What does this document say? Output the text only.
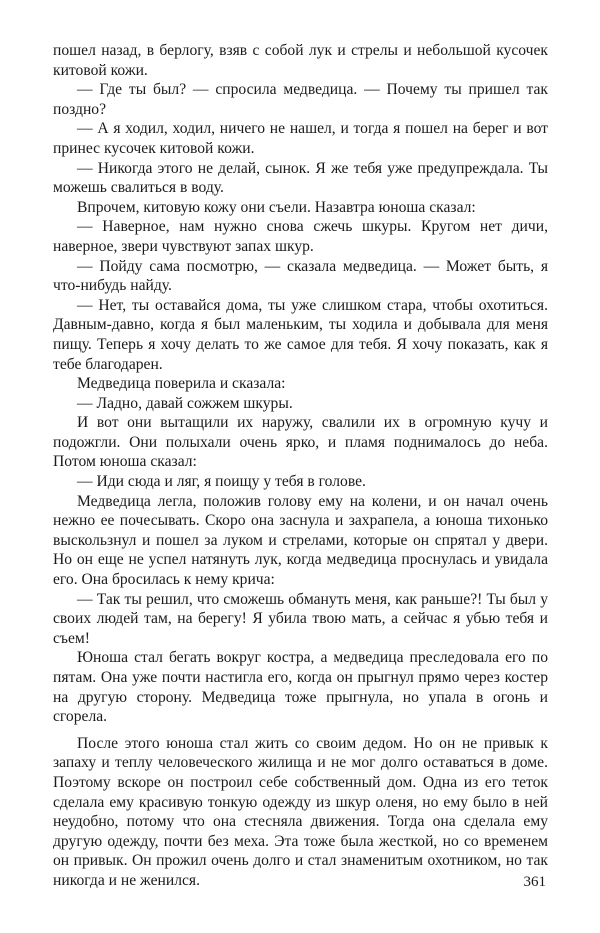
пошел назад, в берлогу, взяв с собой лук и стрелы и небольшой кусочек китовой кожи.

— Где ты был? — спросила медведица. — Почему ты пришел так поздно?

— А я ходил, ходил, ничего не нашел, и тогда я пошел на берег и вот принес кусочек китовой кожи.

— Никогда этого не делай, сынок. Я же тебя уже предупреждала. Ты можешь свалиться в воду.

Впрочем, китовую кожу они съели. Назавтра юноша сказал:

— Наверное, нам нужно снова сжечь шкуры. Кругом нет дичи, наверное, звери чувствуют запах шкур.

— Пойду сама посмотрю, — сказала медведица. — Может быть, я что-нибудь найду.

— Нет, ты оставайся дома, ты уже слишком стара, чтобы охотиться. Давным-давно, когда я был маленьким, ты ходила и добывала для меня пищу. Теперь я хочу делать то же самое для тебя. Я хочу показать, как я тебе благодарен.

Медведица поверила и сказала:

— Ладно, давай сожжем шкуры.

И вот они вытащили их наружу, свалили их в огромную кучу и подожгли. Они полыхали очень ярко, и пламя поднималось до неба. Потом юноша сказал:

— Иди сюда и ляг, я поищу у тебя в голове.

Медведица легла, положив голову ему на колени, и он начал очень нежно ее почесывать. Скоро она заснула и захрапела, а юноша тихонько выскользнул и пошел за луком и стрелами, которые он спрятал у двери. Но он еще не успел натянуть лук, когда медведица проснулась и увидала его. Она бросилась к нему крича:

— Так ты решил, что сможешь обмануть меня, как раньше?! Ты был у своих людей там, на берегу! Я убила твою мать, а сейчас я убью тебя и съем!

Юноша стал бегать вокруг костра, а медведица преследовала его по пятам. Она уже почти настигла его, когда он прыгнул прямо через костер на другую сторону. Медведица тоже прыгнула, но упала в огонь и сгорела.

После этого юноша стал жить со своим дедом. Но он не привык к запаху и теплу человеческого жилища и не мог долго оставаться в доме. Поэтому вскоре он построил себе собственный дом. Одна из его теток сделала ему красивую тонкую одежду из шкур оленя, но ему было в ней неудобно, потому что она стесняла движения. Тогда она сделала ему другую одежду, почти без меха. Эта тоже была жесткой, но со временем он привык. Он прожил очень долго и стал знаменитым охотником, но так никогда и не женился.	361
